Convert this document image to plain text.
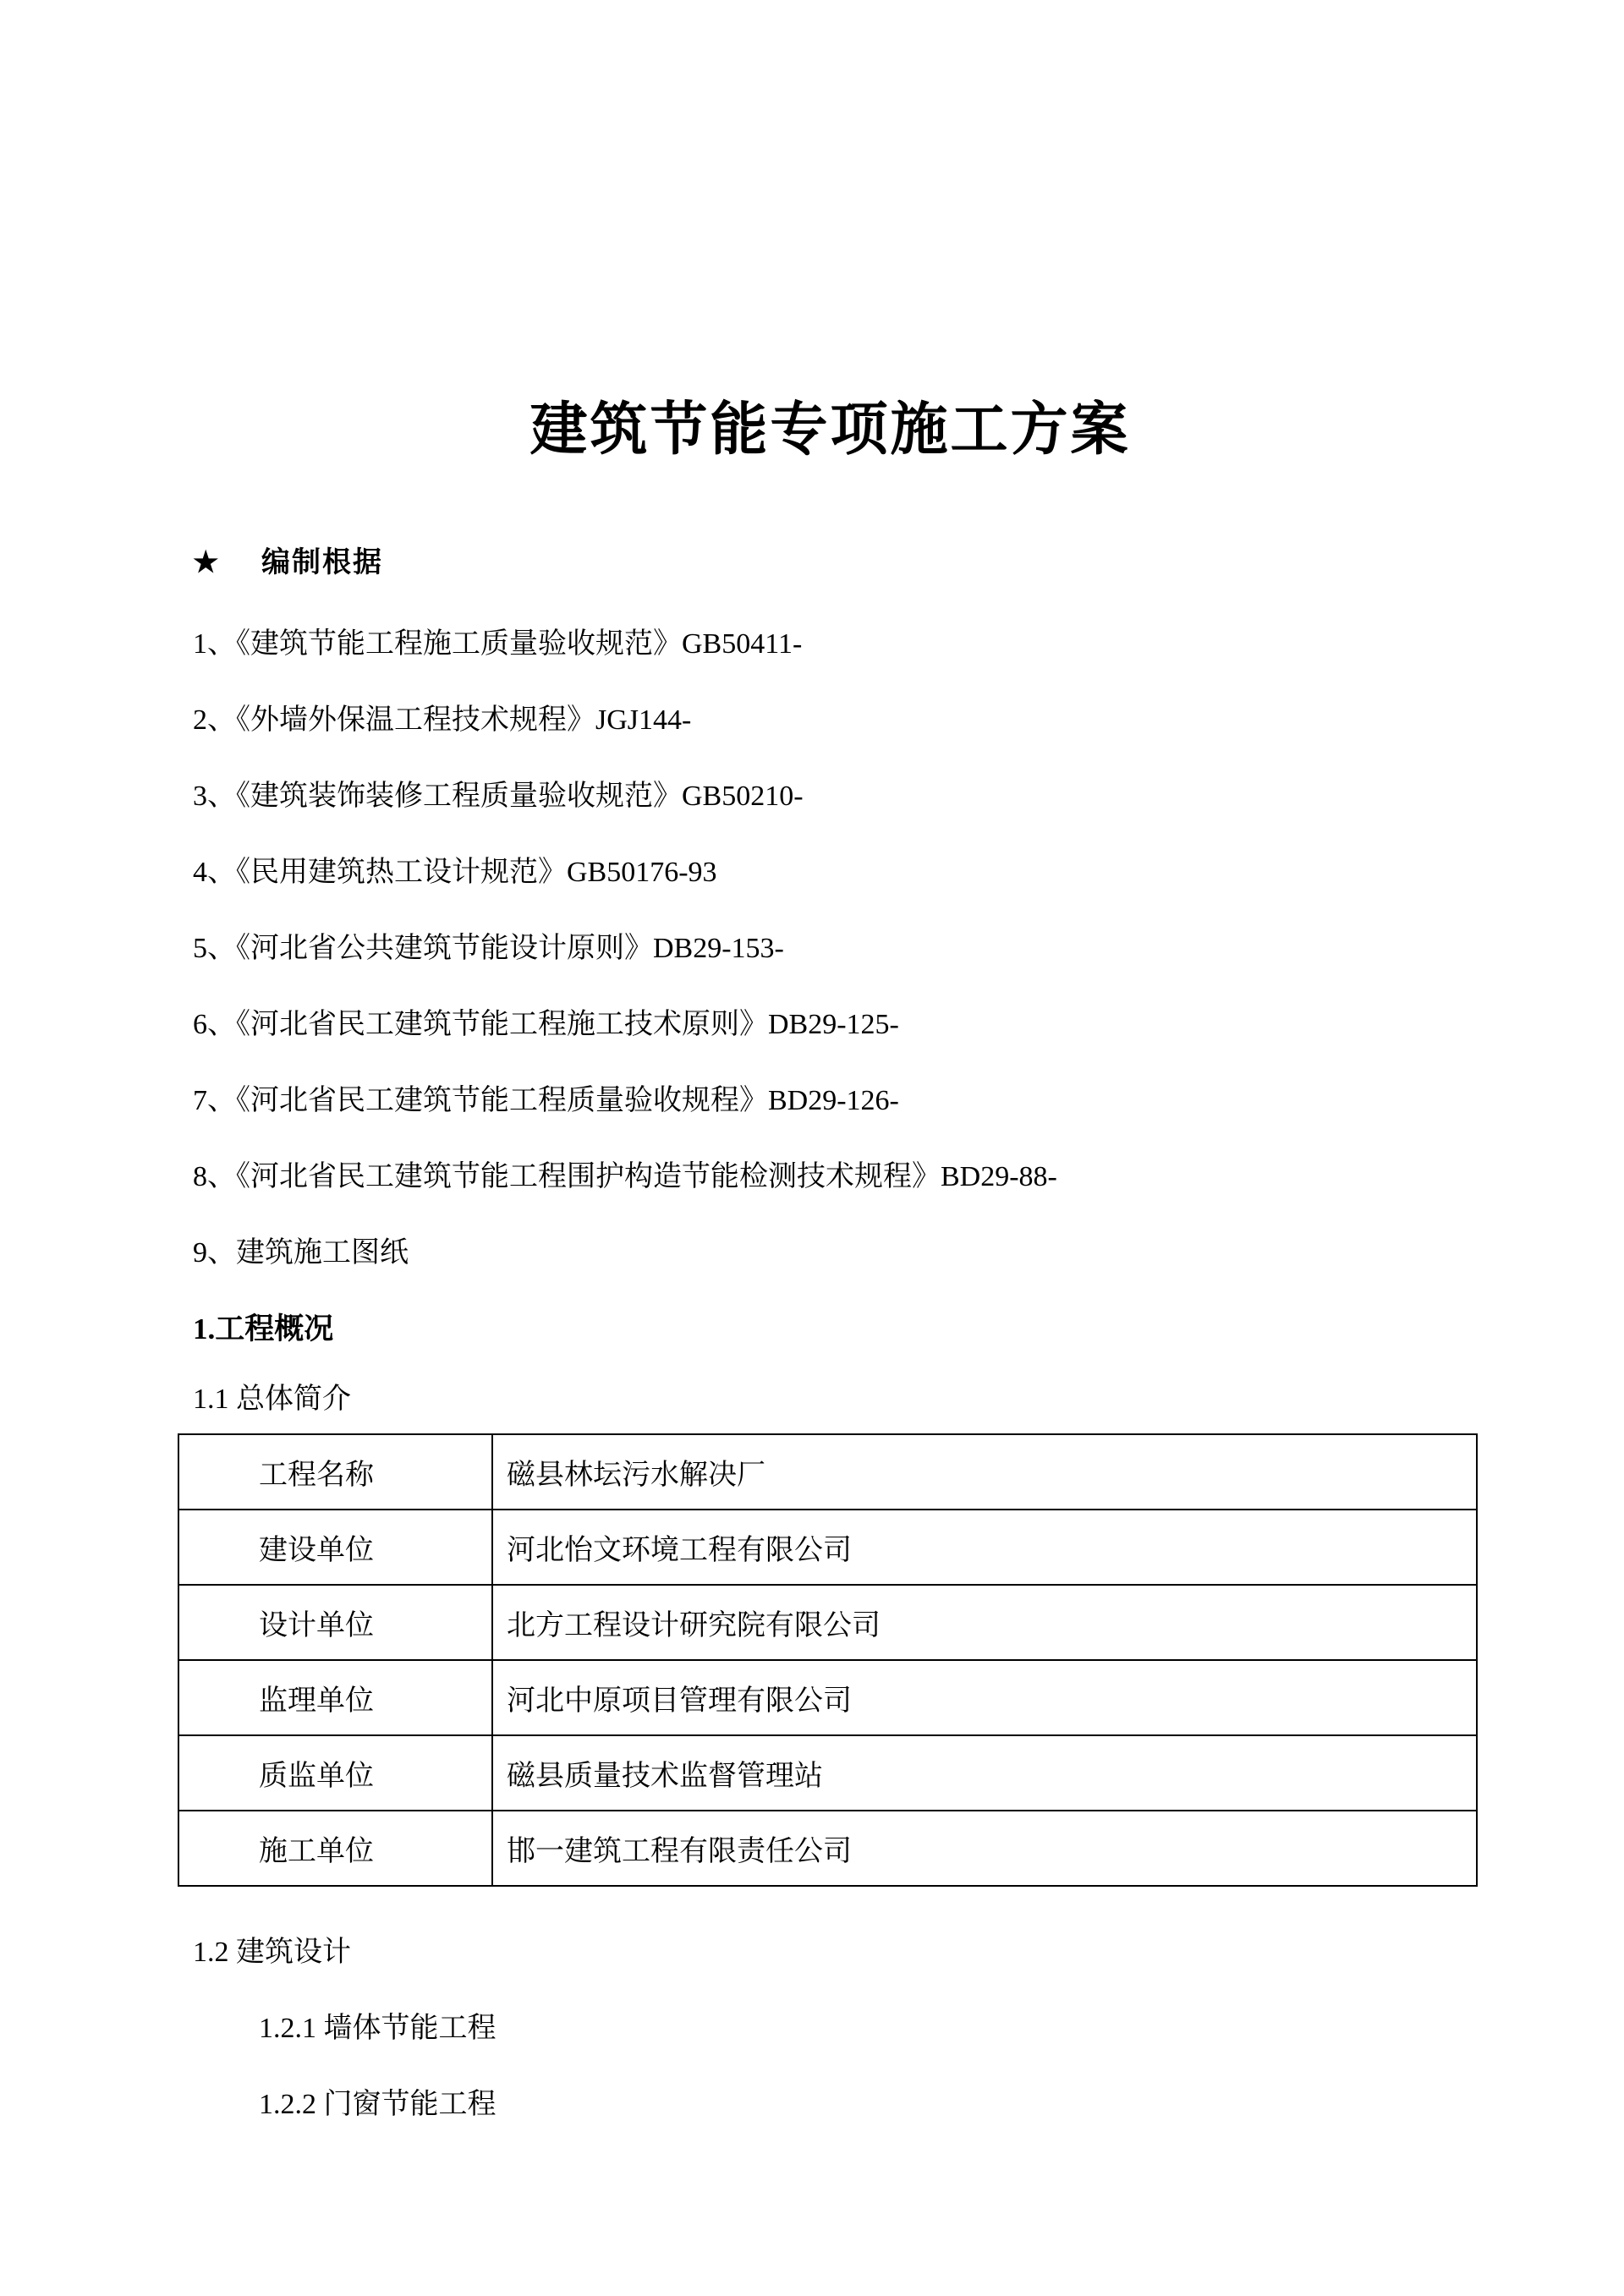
建筑节能专项施工方案
★ 编制根据

1、《建筑节能工程施工质量验收规范》GB50411-

2、《外墙外保温工程技术规程》JGJ144-

3、《建筑装饰装修工程质量验收规范》GB50210-

4、《民用建筑热工设计规范》GB50176-93

5、《河北省公共建筑节能设计原则》DB29-153-

6、《河北省民工建筑节能工程施工技术原则》DB29-125-

7、《河北省民工建筑节能工程质量验收规程》BD29-126-

8、《河北省民工建筑节能工程围护构造节能检测技术规程》BD29-88-

9、建筑施工图纸

1.工程概况

1.1 总体简介

工程名称	磁县林坛污水解决厂
建设单位	河北怡文环境工程有限公司
设计单位	北方工程设计研究院有限公司
监理单位	河北中原项目管理有限公司
质监单位	磁县质量技术监督管理站
施工单位	邯一建筑工程有限责任公司

1.2 建筑设计

1.2.1 墙体节能工程

1.2.2 门窗节能工程
